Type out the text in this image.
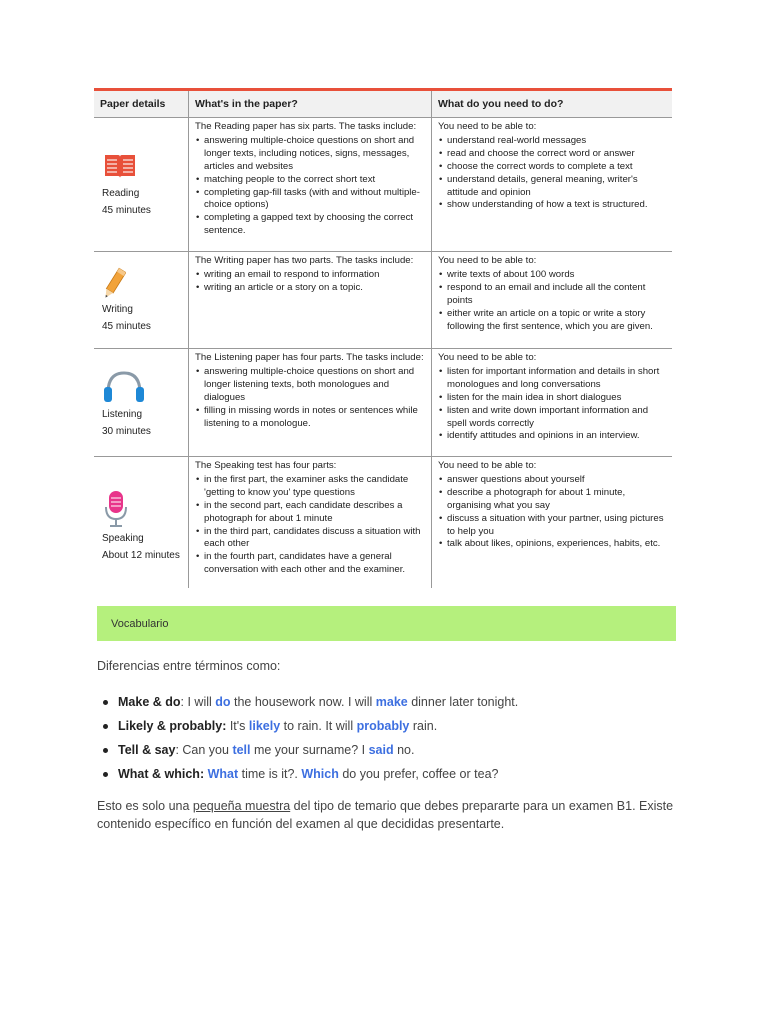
Paper details	What's in the paper?	What do you need to do?
Reading
45 minutes
The Reading paper has six parts. The tasks include:
• answering multiple-choice questions on short and longer texts, including notices, signs, messages, articles and websites
• matching people to the correct short text
• completing gap-fill tasks (with and without multiple-choice options)
• completing a gapped text by choosing the correct sentence.
You need to be able to:
• understand real-world messages
• read and choose the correct word or answer
• choose the correct words to complete a text
• understand details, general meaning, writer's attitude and opinion
• show understanding of how a text is structured.
Writing
45 minutes
The Writing paper has two parts. The tasks include:
• writing an email to respond to information
• writing an article or a story on a topic.
You need to be able to:
• write texts of about 100 words
• respond to an email and include all the content points
• either write an article on a topic or write a story following the first sentence, which you are given.
Listening
30 minutes
The Listening paper has four parts. The tasks include:
• answering multiple-choice questions on short and longer listening texts, both monologues and dialogues
• filling in missing words in notes or sentences while listening to a monologue.
You need to be able to:
• listen for important information and details in short monologues and long conversations
• listen for the main idea in short dialogues
• listen and write down important information and spell words correctly
• identify attitudes and opinions in an interview.
Speaking
About 12 minutes
The Speaking test has four parts:
• in the first part, the examiner asks the candidate 'getting to know you' type questions
• in the second part, each candidate describes a photograph for about 1 minute
• in the third part, candidates discuss a situation with each other
• in the fourth part, candidates have a general conversation with each other and the examiner.
You need to be able to:
• answer questions about yourself
• describe a photograph for about 1 minute, organising what you say
• discuss a situation with your partner, using pictures to help you
• talk about likes, opinions, experiences, habits, etc.
Vocabulario
Diferencias entre términos como:
Make & do: I will do the housework now. I will make dinner later tonight.
Likely & probably: It's likely to rain. It will probably rain.
Tell & say: Can you tell me your surname? I said no.
What & which: What time is it?. Which do you prefer, coffee or tea?

Esto es solo una pequeña muestra del tipo de temario que debes prepararte para un examen B1. Existe contenido específico en función del examen al que decididas presentarte.
